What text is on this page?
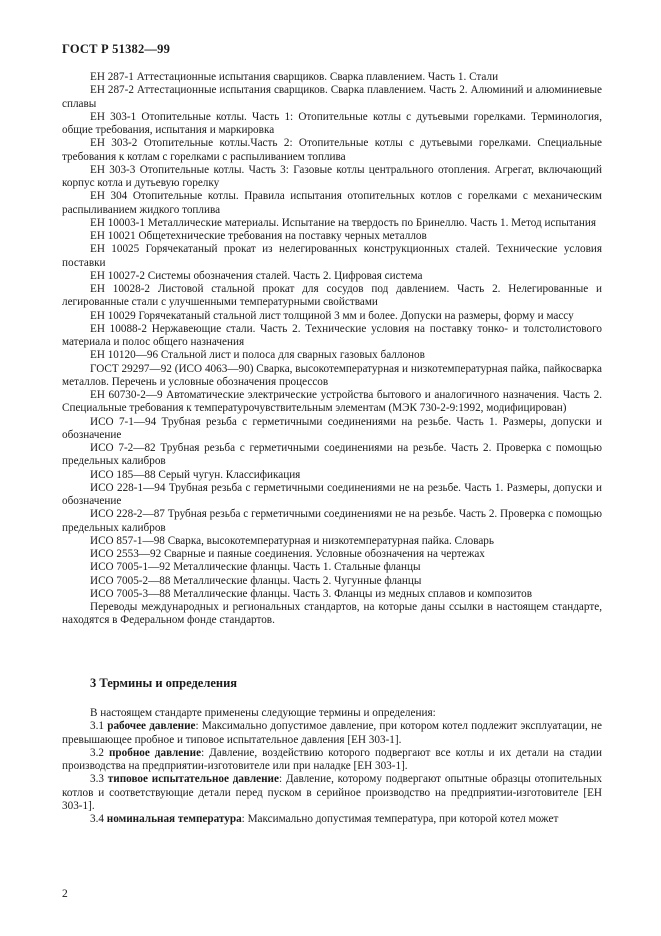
ГОСТ Р 51382—99

ЕН 287-1 Аттестационные испытания сварщиков. Сварка плавлением. Часть 1. Стали

ЕН 287-2 Аттестационные испытания сварщиков. Сварка плавлением. Часть 2. Алюминий и алюминиевые сплавы

ЕН 303-1 Отопительные котлы. Часть 1: Отопительные котлы с дутьевыми горелками. Терминология, общие требования, испытания и маркировка

ЕН 303-2 Отопительные котлы.Часть 2: Отопительные котлы с дутьевыми горелками. Специальные требования к котлам с горелками с распыливанием топлива

ЕН 303-3 Отопительные котлы. Часть 3: Газовые котлы центрального отопления. Агрегат, включающий корпус котла и дутьевую горелку

ЕН 304 Отопительные котлы. Правила испытания отопительных котлов с горелками с механическим распыливанием жидкого топлива

ЕН 10003-1 Металлические материалы. Испытание на твердость по Бринеллю. Часть 1. Метод испытания

ЕН 10021 Общетехнические требования на поставку черных металлов

ЕН 10025 Горячекатаный прокат из нелегированных конструкционных сталей. Технические условия поставки

ЕН 10027-2 Системы обозначения сталей. Часть 2. Цифровая система

ЕН 10028-2 Листовой стальной прокат для сосудов под давлением. Часть 2. Нелегированные и легированные стали с улучшенными температурными свойствами

ЕН 10029 Горячекатаный стальной лист толщиной 3 мм и более. Допуски на размеры, форму и массу

ЕН 10088-2 Нержавеющие стали. Часть 2. Технические условия на поставку тонко- и толстолистового материала и полос общего назначения

ЕН 10120—96 Стальной лист и полоса для сварных газовых баллонов

ГОСТ 29297—92 (ИСО 4063—90) Сварка, высокотемпературная и низкотемпературная пайка, пайкосварка металлов. Перечень и условные обозначения процессов

ЕН 60730-2—9 Автоматические электрические устройства бытового и аналогичного назначения. Часть 2. Специальные требования к температурочувствительным элементам (МЭК 730-2-9:1992, модифицирован)

ИСО 7-1—94 Трубная резьба с герметичными соединениями на резьбе. Часть 1. Размеры, допуски и обозначение

ИСО 7-2—82 Трубная резьба с герметичными соединениями на резьбе. Часть 2. Проверка с помощью предельных калибров

ИСО 185—88 Серый чугун. Классификация

ИСО 228-1—94 Трубная резьба с герметичными соединениями не на резьбе. Часть 1. Размеры, допуски и обозначение

ИСО 228-2—87 Трубная резьба с герметичными соединениями не на резьбе. Часть 2. Проверка с помощью предельных калибров

ИСО 857-1—98 Сварка, высокотемпературная и низкотемпературная пайка. Словарь

ИСО 2553—92 Сварные и паяные соединения. Условные обозначения на чертежах

ИСО 7005-1—92 Металлические фланцы. Часть 1. Стальные фланцы

ИСО 7005-2—88 Металлические фланцы. Часть 2. Чугунные фланцы

ИСО 7005-3—88 Металлические фланцы. Часть 3. Фланцы из медных сплавов и композитов

Переводы международных и региональных стандартов, на которые даны ссылки в настоящем стандарте, находятся в Федеральном фонде стандартов.

3 Термины и определения

В настоящем стандарте применены следующие термины и определения:

3.1 рабочее давление: Максимально допустимое давление, при котором котел подлежит эксплуатации, не превышающее пробное и типовое испытательное давления [ЕН 303-1].

3.2 пробное давление: Давление, воздействию которого подвергают все котлы и их детали на стадии производства на предприятии-изготовителе или при наладке [ЕН 303-1].

3.3 типовое испытательное давление: Давление, которому подвергают опытные образцы отопительных котлов и соответствующие детали перед пуском в серийное производство на предприятии-изготовителе [ЕН 303-1].

3.4 номинальная температура: Максимально допустимая температура, при которой котел может

2
